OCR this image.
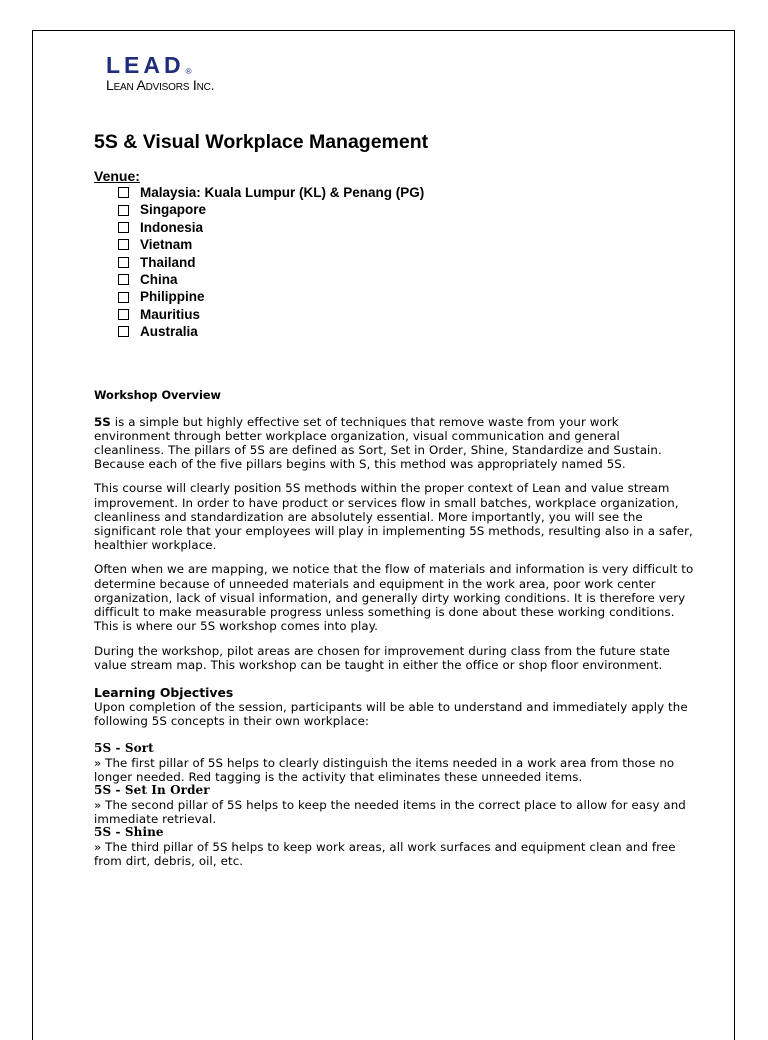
LEAD ®
Lean Advisors Inc.
5S & Visual Workplace Management
Venue:
Malaysia: Kuala Lumpur (KL) & Penang (PG)
Singapore
Indonesia
Vietnam
Thailand
China
Philippine
Mauritius
Australia
Workshop Overview

5S is a simple but highly effective set of techniques that remove waste from your work environment through better workplace organization, visual communication and general cleanliness. The pillars of 5S are defined as Sort, Set in Order, Shine, Standardize and Sustain. Because each of the five pillars begins with S, this method was appropriately named 5S.

This course will clearly position 5S methods within the proper context of Lean and value stream improvement. In order to have product or services flow in small batches, workplace organization, cleanliness and standardization are absolutely essential. More importantly, you will see the significant role that your employees will play in implementing 5S methods, resulting also in a safer, healthier workplace.

Often when we are mapping, we notice that the flow of materials and information is very difficult to determine because of unneeded materials and equipment in the work area, poor work center organization, lack of visual information, and generally dirty working conditions. It is therefore very difficult to make measurable progress unless something is done about these working conditions. This is where our 5S workshop comes into play.

During the workshop, pilot areas are chosen for improvement during class from the future state value stream map. This workshop can be taught in either the office or shop floor environment.

Learning Objectives

Upon completion of the session, participants will be able to understand and immediately apply the following 5S concepts in their own workplace:

5S - Sort

» The first pillar of 5S helps to clearly distinguish the items needed in a work area from those no longer needed. Red tagging is the activity that eliminates these unneeded items.

5S - Set In Order

» The second pillar of 5S helps to keep the needed items in the correct place to allow for easy and immediate retrieval.

5S - Shine

» The third pillar of 5S helps to keep work areas, all work surfaces and equipment clean and free from dirt, debris, oil, etc.
